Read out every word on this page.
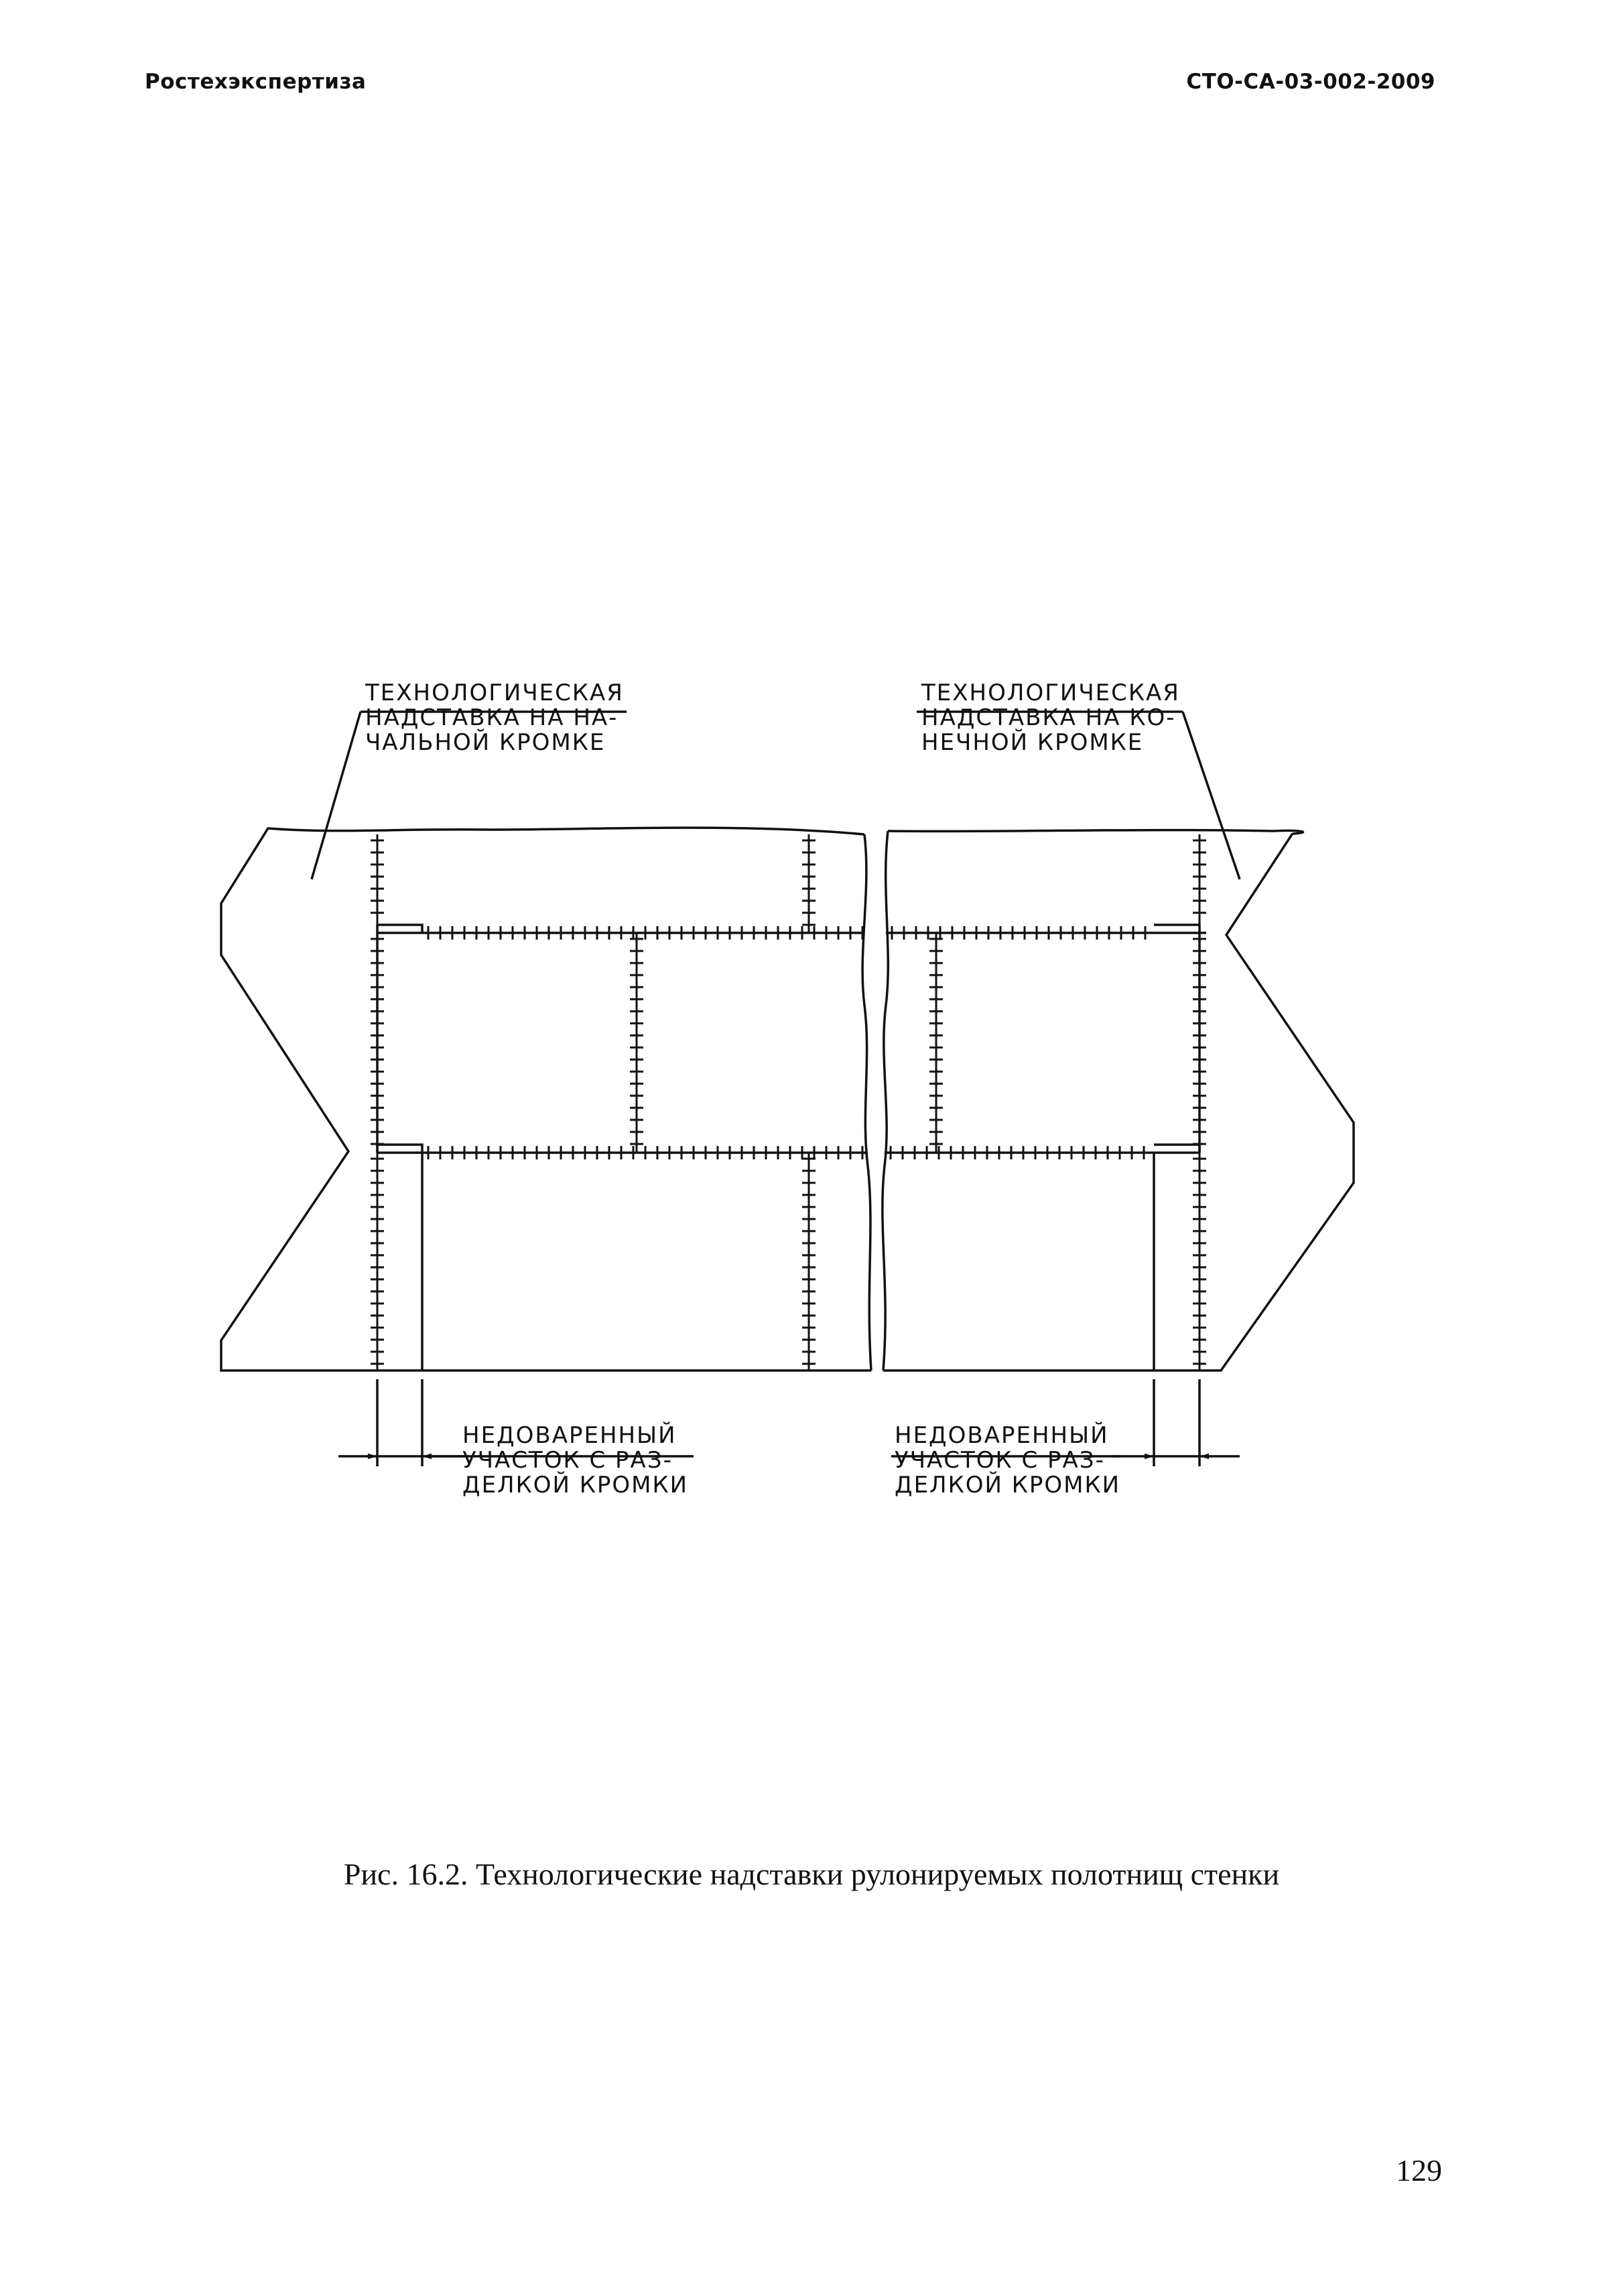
Ростехэкспертиза	СТО-СА-03-002-2009
ТЕХНОЛОГИЧЕСКАЯ
НАДСТАВКА НА НА-
ЧАЛЬНОЙ КРОМКЕ
ТЕХНОЛОГИЧЕСКАЯ
НАДСТАВКА НА КО-
НЕЧНОЙ КРОМКЕ
НЕДОВАРЕННЫЙ
УЧАСТОК С РАЗ-
ДЕЛКОЙ КРОМКИ
НЕДОВАРЕННЫЙ
УЧАСТОК С РАЗ-
ДЕЛКОЙ КРОМКИ
Рис. 16.2. Технологические надставки рулонируемых полотнищ стенки
129
